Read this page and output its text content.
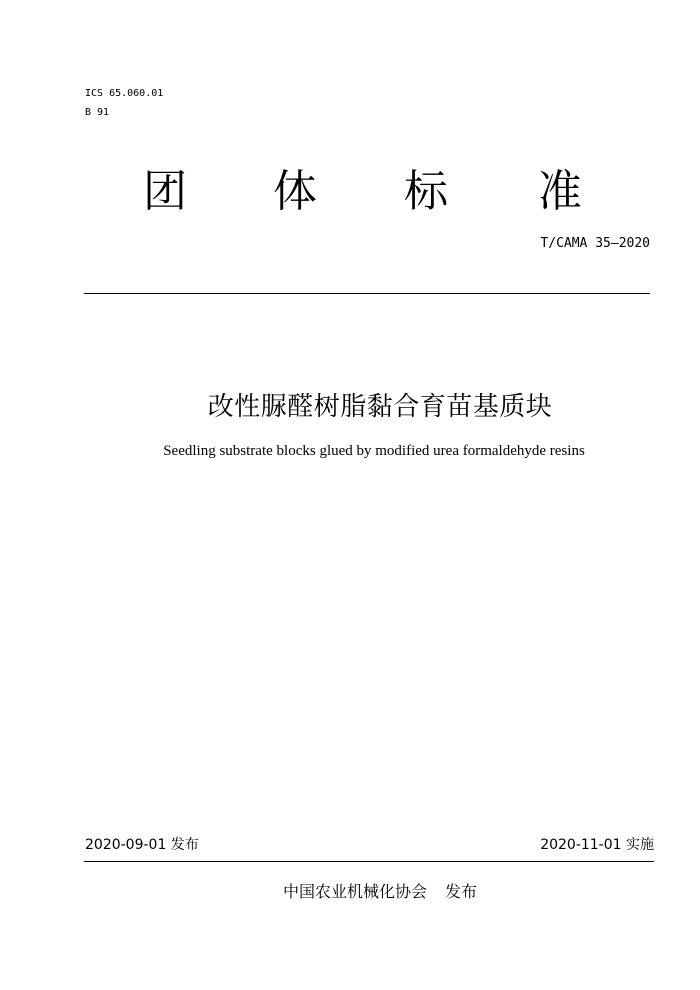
ICS 65.060.01
B 91
团 体 标 准
T/CAMA 35—2020
改性脲醛树脂黏合育苗基质块
Seedling substrate blocks glued by modified urea formaldehyde resins
2020-09-01 发布	2020-11-01 实施
中国农业机械化协会 发布
